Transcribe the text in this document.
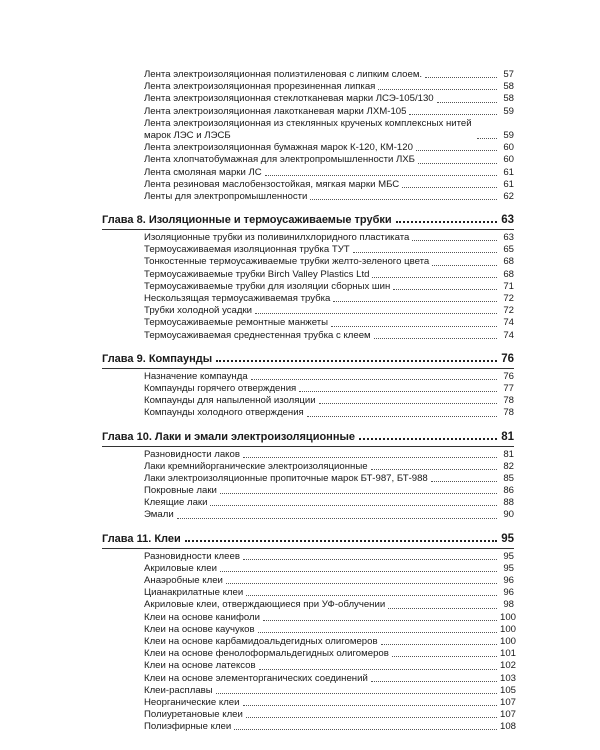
Лента электроизоляционная полиэтиленовая с липким слоем.	57
Лента электроизоляционная прорезиненная липкая	58
Лента электроизоляционная стеклотканевая марки ЛСЭ-105/130	58
Лента электроизоляционная лакотканевая марки ЛХМ-105	59
Лента электроизоляционная из стеклянных крученых комплексных нитей марок ЛЭС и ЛЭСБ	59
Лента электроизоляционная бумажная марок К-120, КМ-120	60
Лента хлопчатобумажная для электропромышленности ЛХБ	60
Лента смоляная марки ЛС	61
Лента резиновая маслобензостойкая, мягкая марки МБС	61
Ленты для электропромышленности	62
Глава 8. Изоляционные и термоусаживаемые трубки	63
Изоляционные трубки из поливинилхлоридного пластиката	63
Термоусаживаемая изоляционная трубка ТУТ	65
Тонкостенные термоусаживаемые трубки желто-зеленого цвета	68
Термоусаживаемые трубки Birch Valley Plastics Ltd	68
Термоусаживаемые трубки для изоляции сборных шин	71
Нескользящая термоусаживаемая трубка	72
Трубки холодной усадки	72
Термоусаживаемые ремонтные манжеты	74
Термоусаживаемая среднестенная трубка с клеем	74
Глава 9. Компаунды	76
Назначение компаунда	76
Компаунды горячего отверждения	77
Компаунды для напыленной изоляции	78
Компаунды холодного отверждения	78
Глава 10. Лаки и эмали электроизоляционные	81
Разновидности лаков	81
Лаки кремнийорганические электроизоляционные	82
Лаки электроизоляционные пропиточные марок БТ-987, БТ-988	85
Покровные лаки	86
Клеящие лаки	88
Эмали	90
Глава 11. Клеи	95
Разновидности клеев	95
Акриловые клеи	95
Анаэробные клеи	96
Цианакрилатные клеи	96
Акриловые клеи, отверждающиеся при УФ-облучении	98
Клеи на основе канифоли	100
Клеи на основе каучуков	100
Клеи на основе карбамидоальдегидных олигомеров	100
Клеи на основе фенолоформальдегидных олигомеров	101
Клеи на основе латексов	102
Клеи на основе элементорганических соединений	103
Клеи-расплавы	105
Неорганические клеи	107
Полиуретановые клеи	107
Полиэфирные клеи	108
